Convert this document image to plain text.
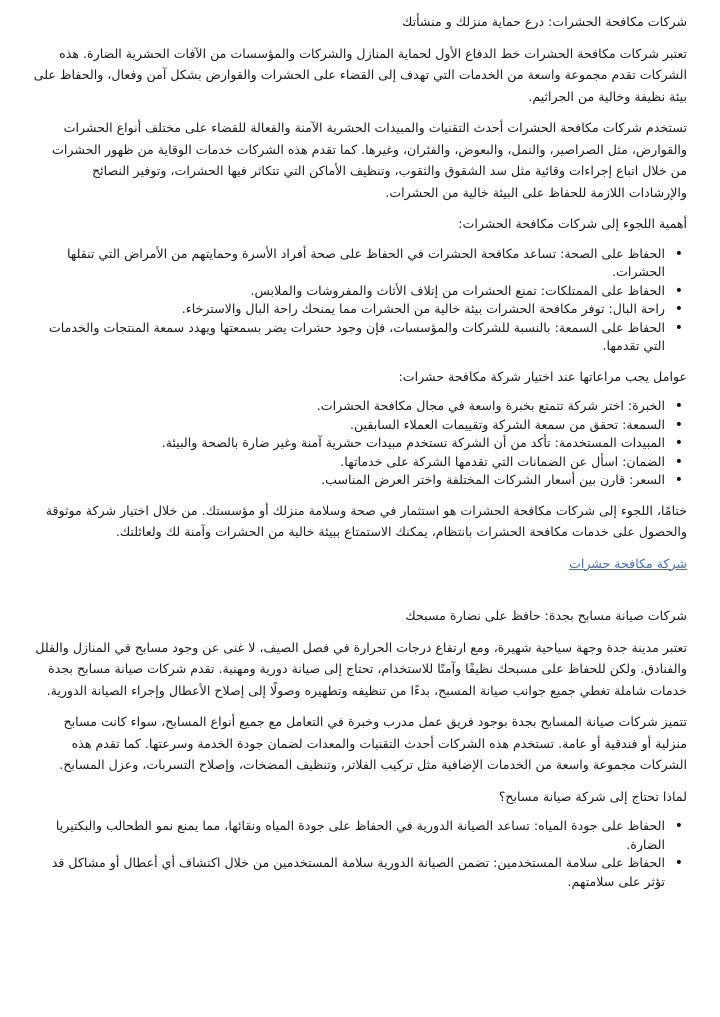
شركات مكافحة الحشرات: درع حماية منزلك و منشأتك

تعتبر شركات مكافحة الحشرات خط الدفاع الأول لحماية المنازل والشركات والمؤسسات من الآفات الحشرية الضارة. هذه الشركات تقدم مجموعة واسعة من الخدمات التي تهدف إلى القضاء على الحشرات والقوارض بشكل آمن وفعال، والحفاظ على بيئة نظيفة وخالية من الجراثيم.

تستخدم شركات مكافحة الحشرات أحدث التقنيات والمبيدات الحشرية الآمنة والفعالة للقضاء على مختلف أنواع الحشرات والقوارض، مثل الصراصير، والنمل، والبعوض، والفئران، وغيرها. كما تقدم هذه الشركات خدمات الوقاية من ظهور الحشرات من خلال اتباع إجراءات وقائية مثل سد الشقوق والثقوب، وتنظيف الأماكن التي تتكاثر فيها الحشرات، وتوفير النصائح والإرشادات اللازمة للحفاظ على البيئة خالية من الحشرات.

أهمية اللجوء إلى شركات مكافحة الحشرات:
• الحفاظ على الصحة: تساعد مكافحة الحشرات في الحفاظ على صحة أفراد الأسرة وحمايتهم من الأمراض التي تنقلها الحشرات.
• الحفاظ على الممتلكات: تمنع الحشرات من إتلاف الأثاث والمفروشات والملابس.
• راحة البال: توفر مكافحة الحشرات بيئة خالية من الحشرات مما يمنحك راحة البال والاسترخاء.
• الحفاظ على السمعة: بالنسبة للشركات والمؤسسات، فإن وجود حشرات يضر بسمعتها ويهدد سمعة المنتجات والخدمات التي تقدمها.
عوامل يجب مراعاتها عند اختيار شركة مكافحة حشرات:
• الخبرة: اختر شركة تتمتع بخبرة واسعة في مجال مكافحة الحشرات.
• السمعة: تحقق من سمعة الشركة وتقييمات العملاء السابقين.
• المبيدات المستخدمة: تأكد من أن الشركة تستخدم مبيدات حشرية آمنة وغير ضارة بالصحة والبيئة.
• الضمان: اسأل عن الضمانات التي تقدمها الشركة على خدماتها.
• السعر: قارن بين أسعار الشركات المختلفة واختر العرض المناسب.

ختامًا، اللجوء إلى شركات مكافحة الحشرات هو استثمار في صحة وسلامة منزلك أو مؤسستك. من خلال اختيار شركة موثوقة والحصول على خدمات مكافحة الحشرات بانتظام، يمكنك الاستمتاع ببيئة خالية من الحشرات وآمنة لك ولعائلتك.

شركة مكافحة حشرات
شركات صيانة مسابح بجدة: حافظ على نضارة مسبحك

تعتبر مدينة جدة وجهة سياحية شهيرة، ومع ارتفاع درجات الحرارة في فصل الصيف، لا غنى عن وجود مسابح في المنازل والفلل والفنادق. ولكن للحفاظ على مسبحك نظيفًا وآمنًا للاستخدام، تحتاج إلى صيانة دورية ومهنية. تقدم شركات صيانة مسابح بجدة خدمات شاملة تغطي جميع جوانب صيانة المسبح، بدءًا من تنظيفه وتطهيره وصولًا إلى إصلاح الأعطال وإجراء الصيانة الدورية.

تتميز شركات صيانة المسابح بجدة بوجود فريق عمل مدرب وخبرة في التعامل مع جميع أنواع المسابح، سواء كانت مسابح منزلية أو فندقية أو عامة. تستخدم هذه الشركات أحدث التقنيات والمعدات لضمان جودة الخدمة وسرعتها. كما تقدم هذه الشركات مجموعة واسعة من الخدمات الإضافية مثل تركيب الفلاتر، وتنظيف المضخات، وإصلاح التسربات، وعزل المسابح.

لماذا تحتاج إلى شركة صيانة مسابح؟
• الحفاظ على جودة المياه: تساعد الصيانة الدورية في الحفاظ على جودة المياه ونقائها، مما يمنع نمو الطحالب والبكتيريا الضارة.
• الحفاظ على سلامة المستخدمين: تضمن الصيانة الدورية سلامة المستخدمين من خلال اكتشاف أي أعطال أو مشاكل قد تؤثر على سلامتهم.
